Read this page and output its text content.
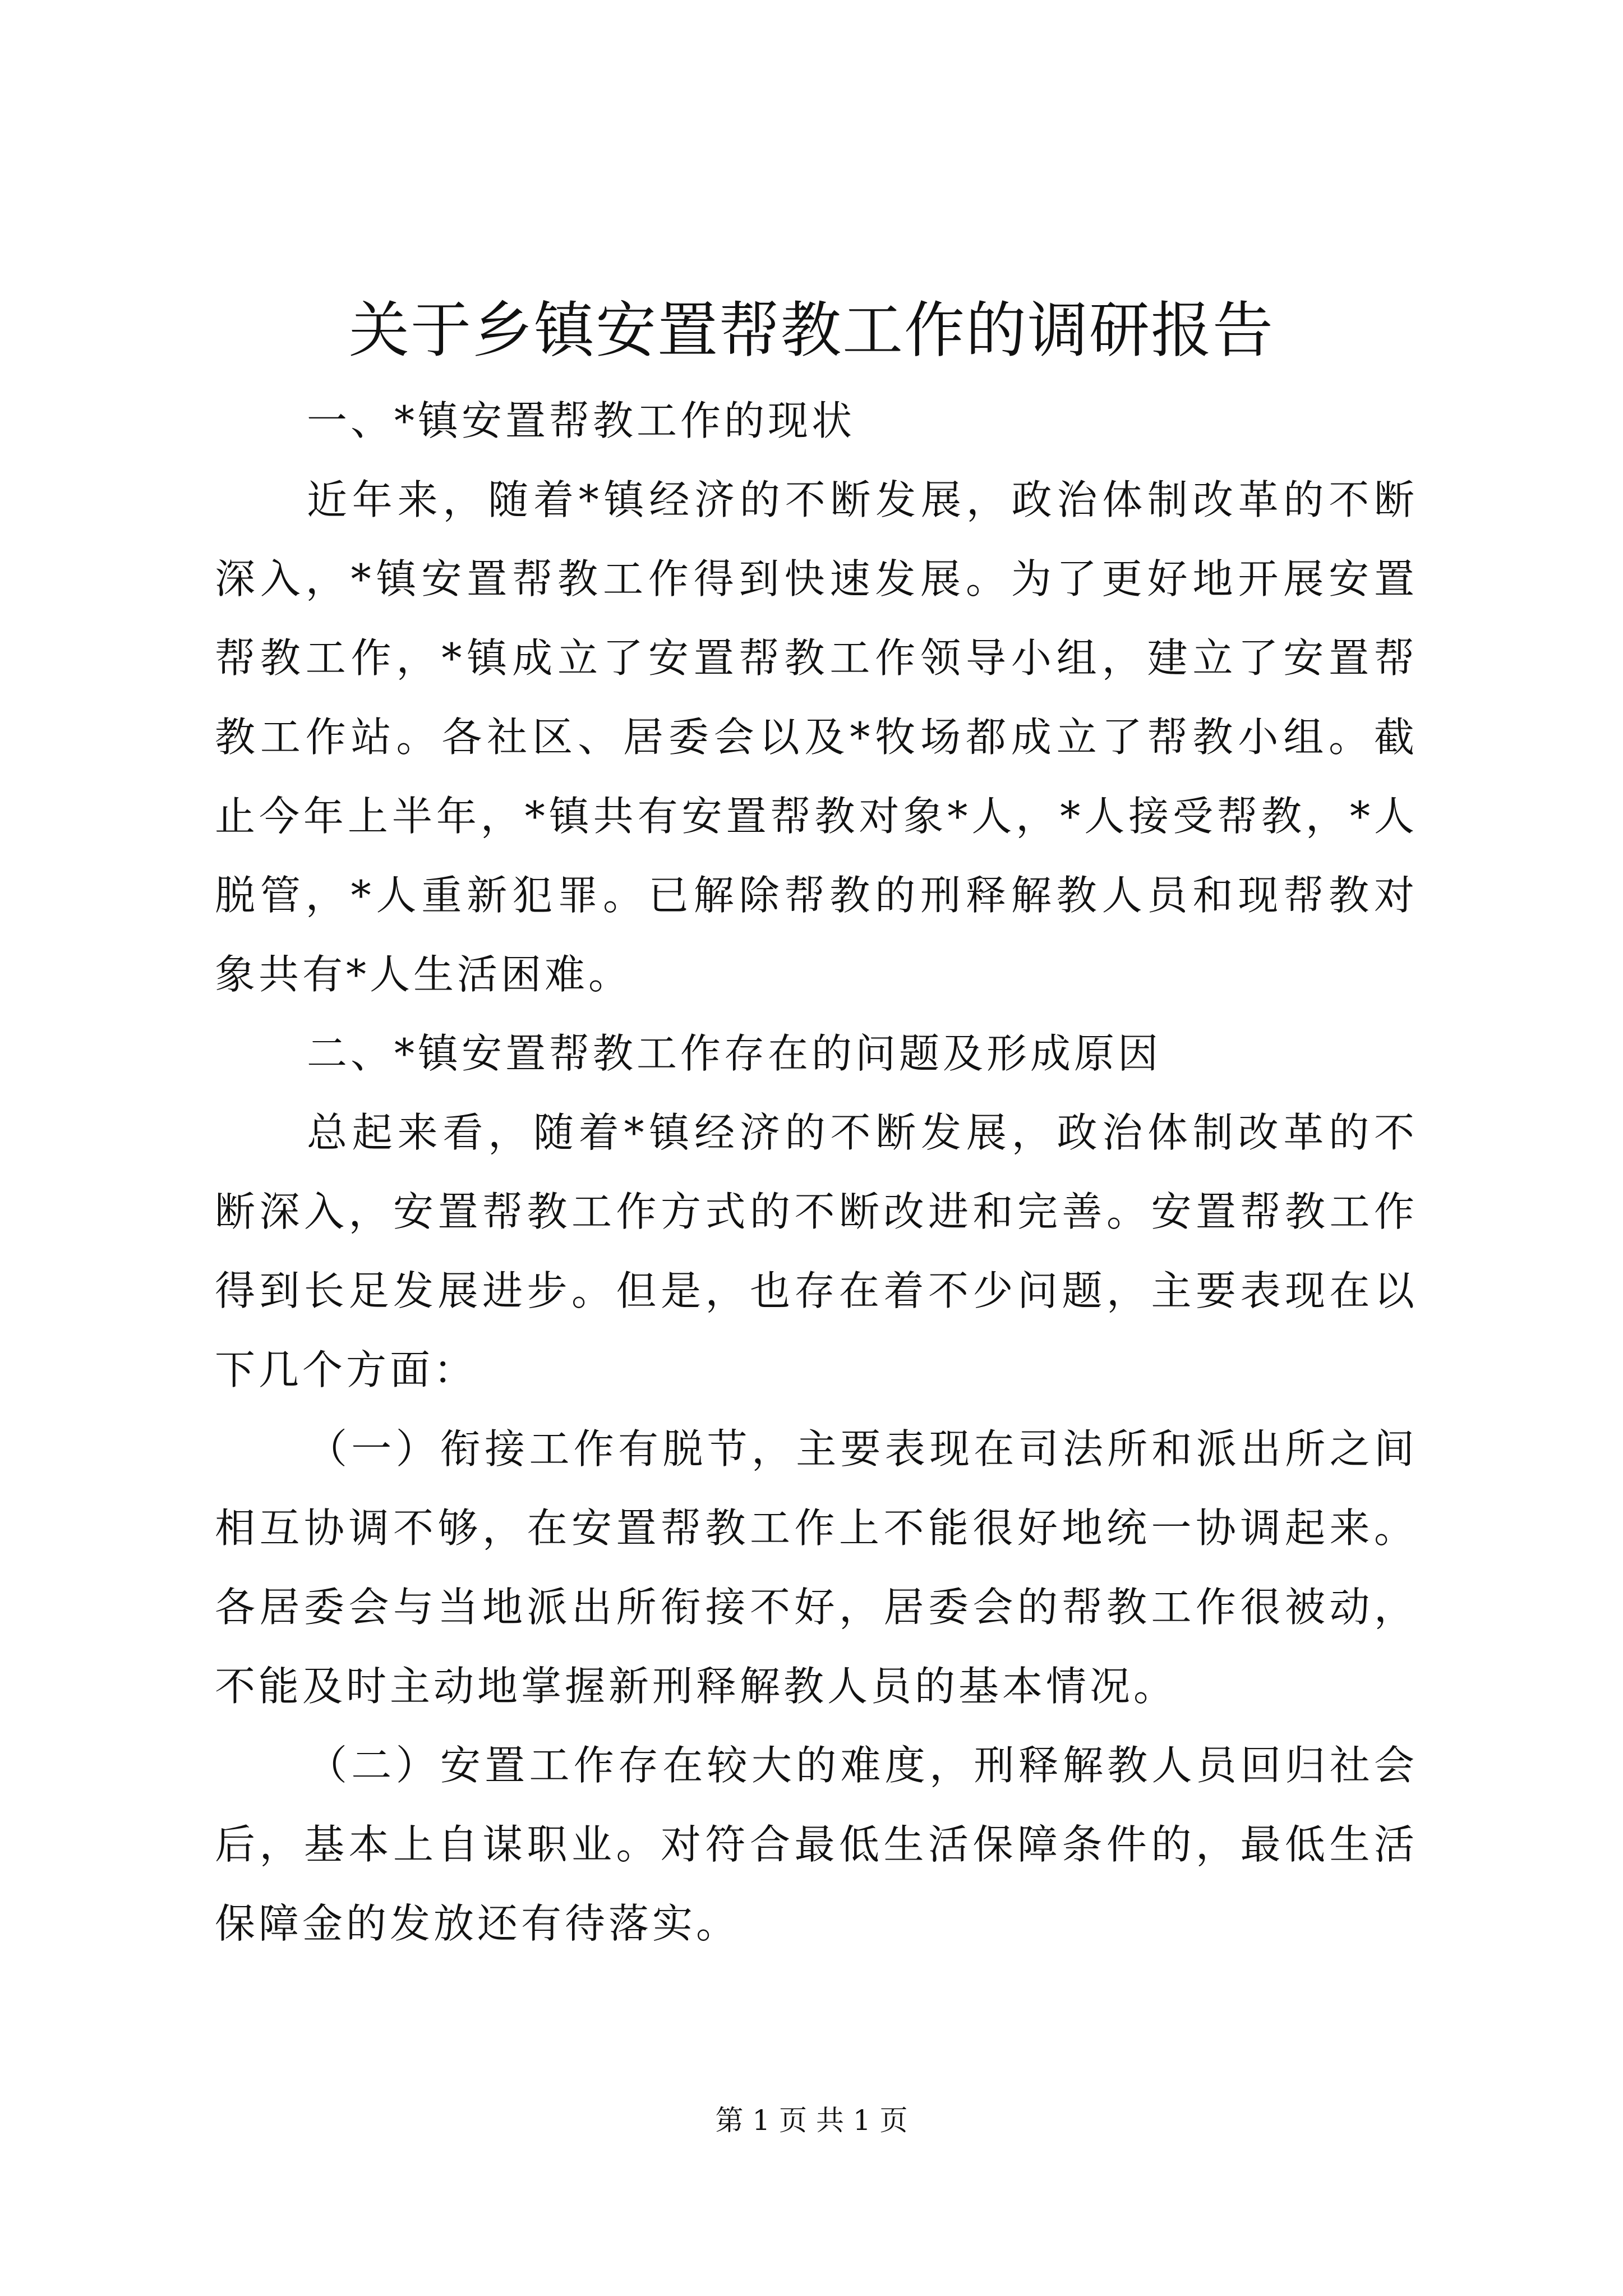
关于乡镇安置帮教工作的调研报告

一、*镇安置帮教工作的现状

近年来，随着*镇经济的不断发展，政治体制改革的不断深入，*镇安置帮教工作得到快速发展。为了更好地开展安置帮教工作，*镇成立了安置帮教工作领导小组，建立了安置帮教工作站。各社区、居委会以及*牧场都成立了帮教小组。截止今年上半年，*镇共有安置帮教对象*人，*人接受帮教，*人脱管，*人重新犯罪。已解除帮教的刑释解教人员和现帮教对象共有*人生活困难。

二、*镇安置帮教工作存在的问题及形成原因

总起来看，随着*镇经济的不断发展，政治体制改革的不断深入，安置帮教工作方式的不断改进和完善。安置帮教工作得到长足发展进步。但是，也存在着不少问题，主要表现在以下几个方面：

（一）衔接工作有脱节，主要表现在司法所和派出所之间相互协调不够，在安置帮教工作上不能很好地统一协调起来。各居委会与当地派出所衔接不好，居委会的帮教工作很被动，不能及时主动地掌握新刑释解教人员的基本情况。

（二）安置工作存在较大的难度，刑释解教人员回归社会后，基本上自谋职业。对符合最低生活保障条件的，最低生活保障金的发放还有待落实。

第 1 页 共 1 页
